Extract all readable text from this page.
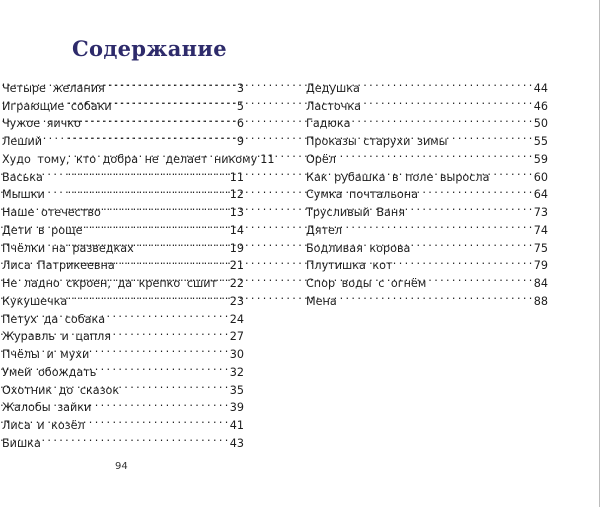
Содержание
Четыре желания . . .	3
Играющие собаки . . .	5
Чужое яичко . . .	6
Леший . . .	9
Худо тому, кто добра не делает никому 11
Васька . . .	11
Мышки . . .	12
Наше отечество . . .	13
Дети в роще . . .	14
Пчёлки на разведках . . .	19
Лиса Патрикеевна . . .	21
Не ладно скроен, да крепко сшит . . . 22
Кукушечка . . .	23
Петух да собака . . .	24
Журавль и цапля . . .	27
Пчёлы и мухи . . .	30
Умей обождать . . .	32
Охотник до сказок . . .	35
Жалобы зайки . . .	39
Лиса и козёл . . .	41
Бишка . . .	43
Дедушка . . .	44
Ласточка . . .	46
Гадюка . . .	50
Проказы старухи зимы . . .	55
Орёл . . .	59
Как рубашка в поле выросла . . .	60
Сумка почтальона . . .	64
Трусливый Ваня . . .	73
Дятел . . .	74
Бодливая корова . . .	75
Плутишка кот . . .	79
Спор воды с огнём . . .	84
Мена . . .	88
94
